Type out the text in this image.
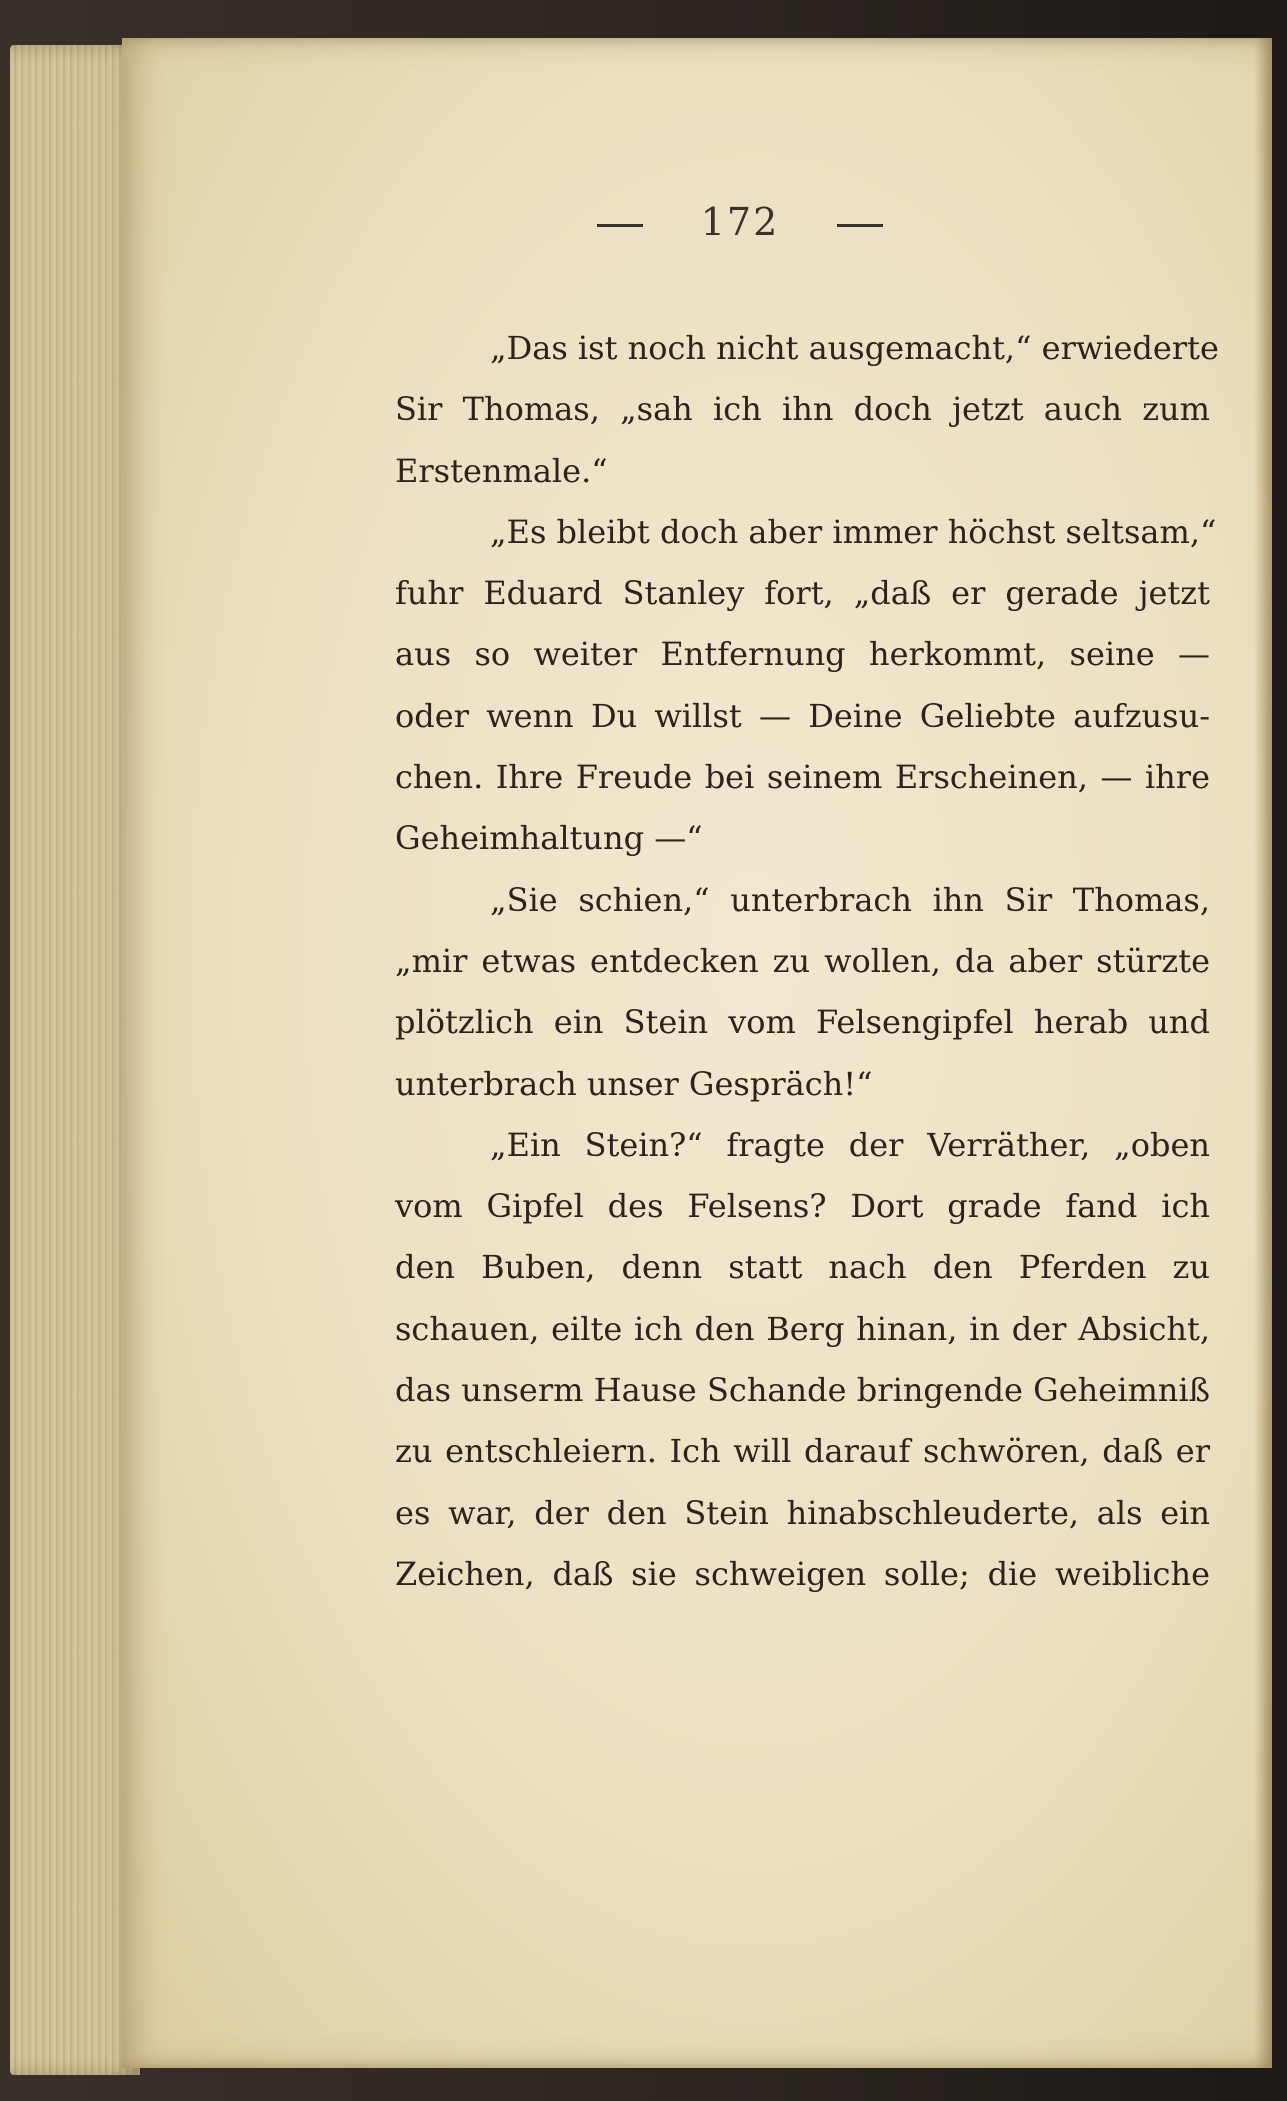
172
„Das ist noch nicht ausgemacht,“ erwiederte
Sir Thomas, „sah ich ihn doch jetzt auch zum
Erstenmale.“
„Es bleibt doch aber immer höchst seltsam,“
fuhr Eduard Stanley fort, „daß er gerade jetzt
aus so weiter Entfernung herkommt, seine —
oder wenn Du willst — Deine Geliebte aufzusu-
chen. Ihre Freude bei seinem Erscheinen, — ihre
Geheimhaltung —“
„Sie schien,“ unterbrach ihn Sir Thomas,
„mir etwas entdecken zu wollen, da aber stürzte
plötzlich ein Stein vom Felsengipfel herab und
unterbrach unser Gespräch!“
„Ein Stein?“ fragte der Verräther, „oben
vom Gipfel des Felsens? Dort grade fand ich
den Buben, denn statt nach den Pferden zu
schauen, eilte ich den Berg hinan, in der Absicht,
das unserm Hause Schande bringende Geheimniß
zu entschleiern. Ich will darauf schwören, daß er
es war, der den Stein hinabschleuderte, als ein
Zeichen, daß sie schweigen solle; die weibliche
